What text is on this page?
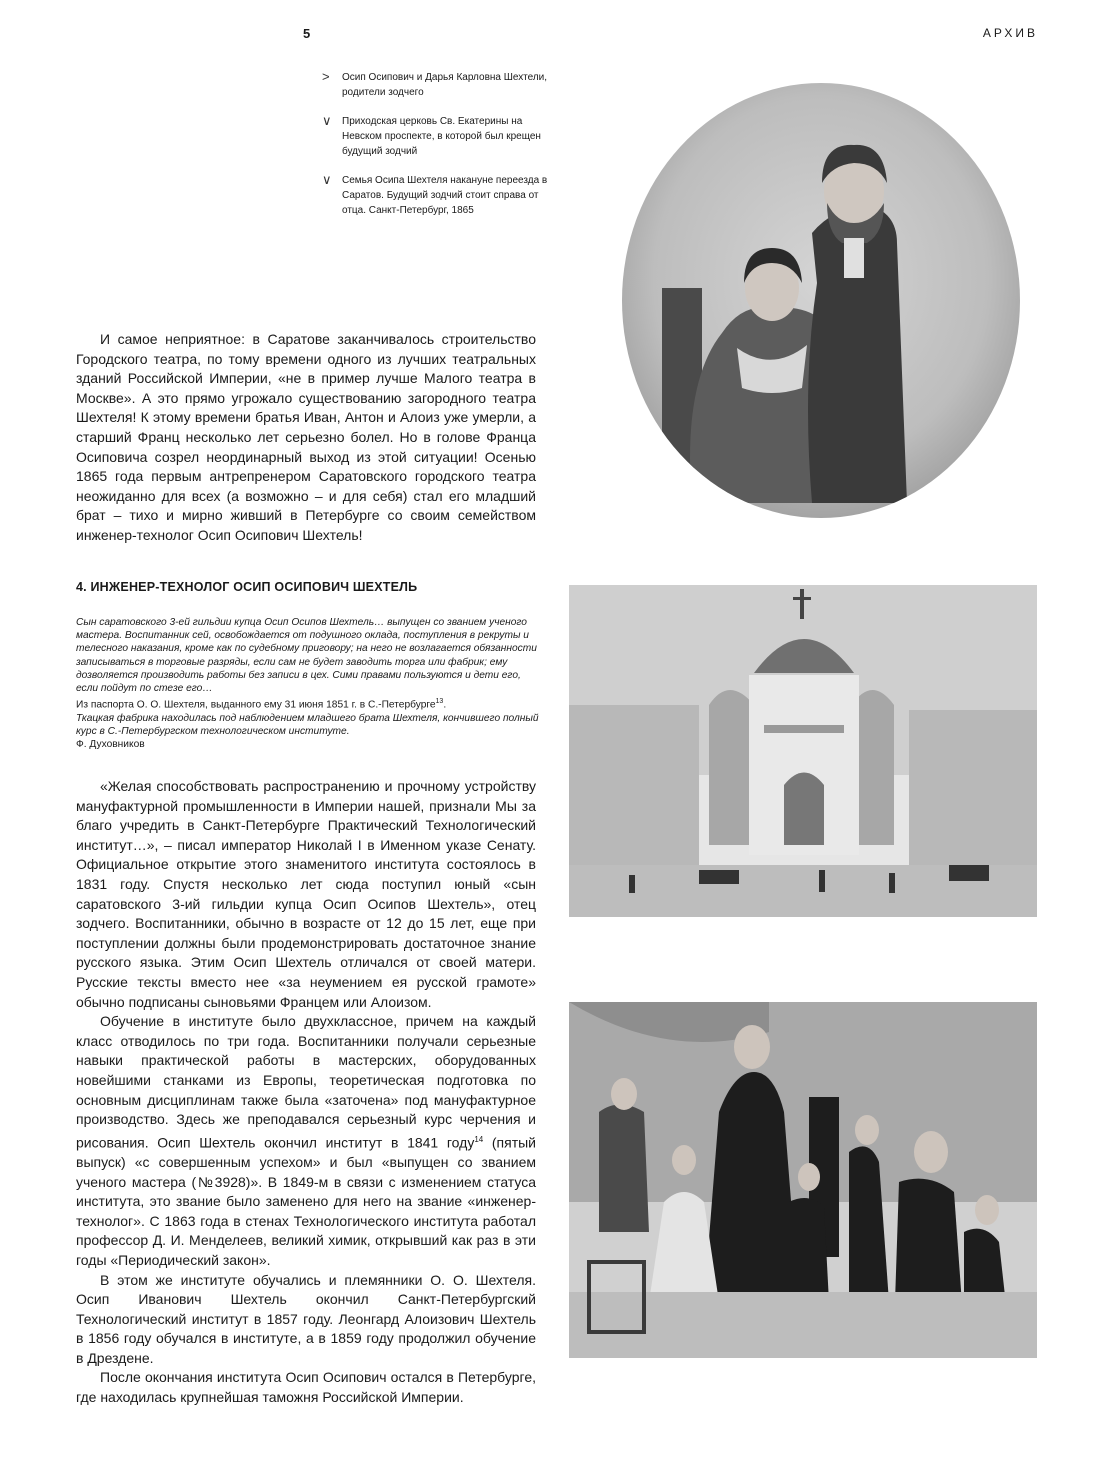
5	АРХИВ
> Осип Осипович и Дарья Карловна Шехтели, родители зодчего
∨ Приходская церковь Св. Екатерины на Невском проспекте, в которой был крещен будущий зодчий
∨ Семья Осипа Шехтеля накануне переезда в Саратов. Будущий зодчий стоит справа от отца. Санкт-Петербург, 1865

И самое неприятное: в Саратове заканчивалось строительство Городского театра, по тому времени одного из лучших театральных зданий Российской Империи, «не в пример лучше Малого театра в Москве». А это прямо угрожало существованию загородного театра Шехтеля! К этому времени братья Иван, Антон и Алоиз уже умерли, а старший Франц несколько лет серьезно болел. Но в голове Франца Осиповича созрел неординарный выход из этой ситуации! Осенью 1865 года первым антрепренером Саратовского городского театра неожиданно для всех (а возможно – и для себя) стал его младший брат – тихо и мирно живший в Петербурге со своим семейством инженер-технолог Осип Осипович Шехтель!

4. ИНЖЕНЕР-ТЕХНОЛОГ ОСИП ОСИПОВИЧ ШЕХТЕЛЬ

Сын саратовского 3-ей гильдии купца Осип Осипов Шехтель… выпущен со званием ученого мастера. Воспитанник сей, освобождается от подушного оклада, поступления в рекруты и телесного наказания, кроме как по судебному приговору; на него не возлагается обязанности записываться в торговые разряды, если сам не будет заводить торга или фабрик; ему дозволяется производить работы без записи в цех. Сими правами пользуются и дети его, если пойдут по стезе его…

Из паспорта О. О. Шехтеля, выданного ему 31 июня 1851 г. в С.-Петербурге$^{13}$.

Ткацкая фабрика находилась под наблюдением младшего брата Шехтеля, кончившего полный курс в С.-Петербургском технологическом институте.

Ф. Духовников

«Желая способствовать распространению и прочному устройству мануфактурной промышленности в Империи нашей, признали Мы за благо учредить в Санкт-Петербурге Практический Технологический институт…», – писал император Николай I в Именном указе Сенату. Официальное открытие этого знаменитого института состоялось в 1831 году. Спустя несколько лет сюда поступил юный «сын саратовского 3-ий гильдии купца Осип Осипов Шехтель», отец зодчего. Воспитанники, обычно в возрасте от 12 до 15 лет, еще при поступлении должны были продемонстрировать достаточное знание русского языка. Этим Осип Шехтель отличался от своей матери. Русские тексты вместо нее «за неумением ея русской грамоте» обычно подписаны сыновьями Францем или Алоизом.

Обучение в институте было двухклассное, причем на каждый класс отводилось по три года. Воспитанники получали серьезные навыки практической работы в мастерских, оборудованных новейшими станками из Европы, теоретическая подготовка по основным дисциплинам также была «заточена» под мануфактурное производство. Здесь же преподавался серьезный курс черчения и рисования. Осип Шехтель окончил институт в 1841 году$^{14}$ (пятый выпуск) «с совершенным успехом» и был «выпущен со званием ученого мастера (№3928)». В 1849-м в связи с изменением статуса института, это звание было заменено для него на звание «инженер-технолог». С 1863 года в стенах Технологического института работал профессор Д. И. Менделеев, великий химик, открывший как раз в эти годы «Периодический закон».

В этом же институте обучались и племянники О. О. Шехтеля. Осип Иванович Шехтель окончил Санкт-Петербургский Технологический институт в 1857 году. Леонгард Алоизович Шехтель в 1856 году обучался в институте, а в 1859 году продолжил обучение в Дрездене.

После окончания института Осип Осипович остался в Петербурге, где находилась крупнейшая таможня Российской Империи.
